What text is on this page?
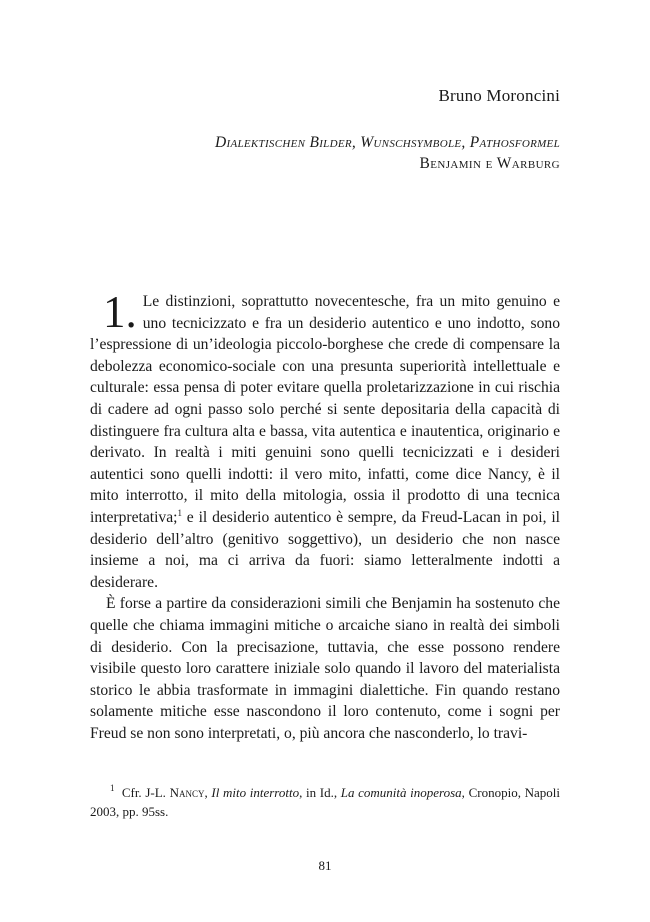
Bruno Moroncini
Dialektischen Bilder, Wunschsymbole, Pathosformel
Benjamin e Warburg

1. Le distinzioni, soprattutto novecentesche, fra un mito genuino e uno tecnicizzato e fra un desiderio autentico e uno indotto, sono l’espressione di un’ideologia piccolo-borghese che crede di compensare la debolezza economico-sociale con una presunta superiorità intellettuale e culturale: essa pensa di poter evitare quella proletarizzazione in cui rischia di cadere ad ogni passo solo perché si sente depositaria della capacità di distinguere fra cultura alta e bassa, vita autentica e inautentica, originario e derivato. In realtà i miti genuini sono quelli tecnicizzati e i desideri autentici sono quelli indotti: il vero mito, infatti, come dice Nancy, è il mito interrotto, il mito della mitologia, ossia il prodotto di una tecnica interpretativa;$^1$ e il desiderio autentico è sempre, da Freud-Lacan in poi, il desiderio dell’altro (genitivo soggettivo), un desiderio che non nasce insieme a noi, ma ci arriva da fuori: siamo letteralmente indotti a desiderare.

È forse a partire da considerazioni simili che Benjamin ha sostenuto che quelle che chiama immagini mitiche o arcaiche siano in realtà dei simboli di desiderio. Con la precisazione, tuttavia, che esse possono rendere visibile questo loro carattere iniziale solo quando il lavoro del materialista storico le abbia trasformate in immagini dialettiche. Fin quando restano solamente mitiche esse nascondono il loro contenuto, come i sogni per Freud se non sono interpretati, o, più ancora che nasconderlo, lo travi-

$^1$ Cfr. J-L. Nancy, Il mito interrotto, in Id., La comunità inoperosa, Cronopio, Napoli 2003, pp. 95ss.
81
